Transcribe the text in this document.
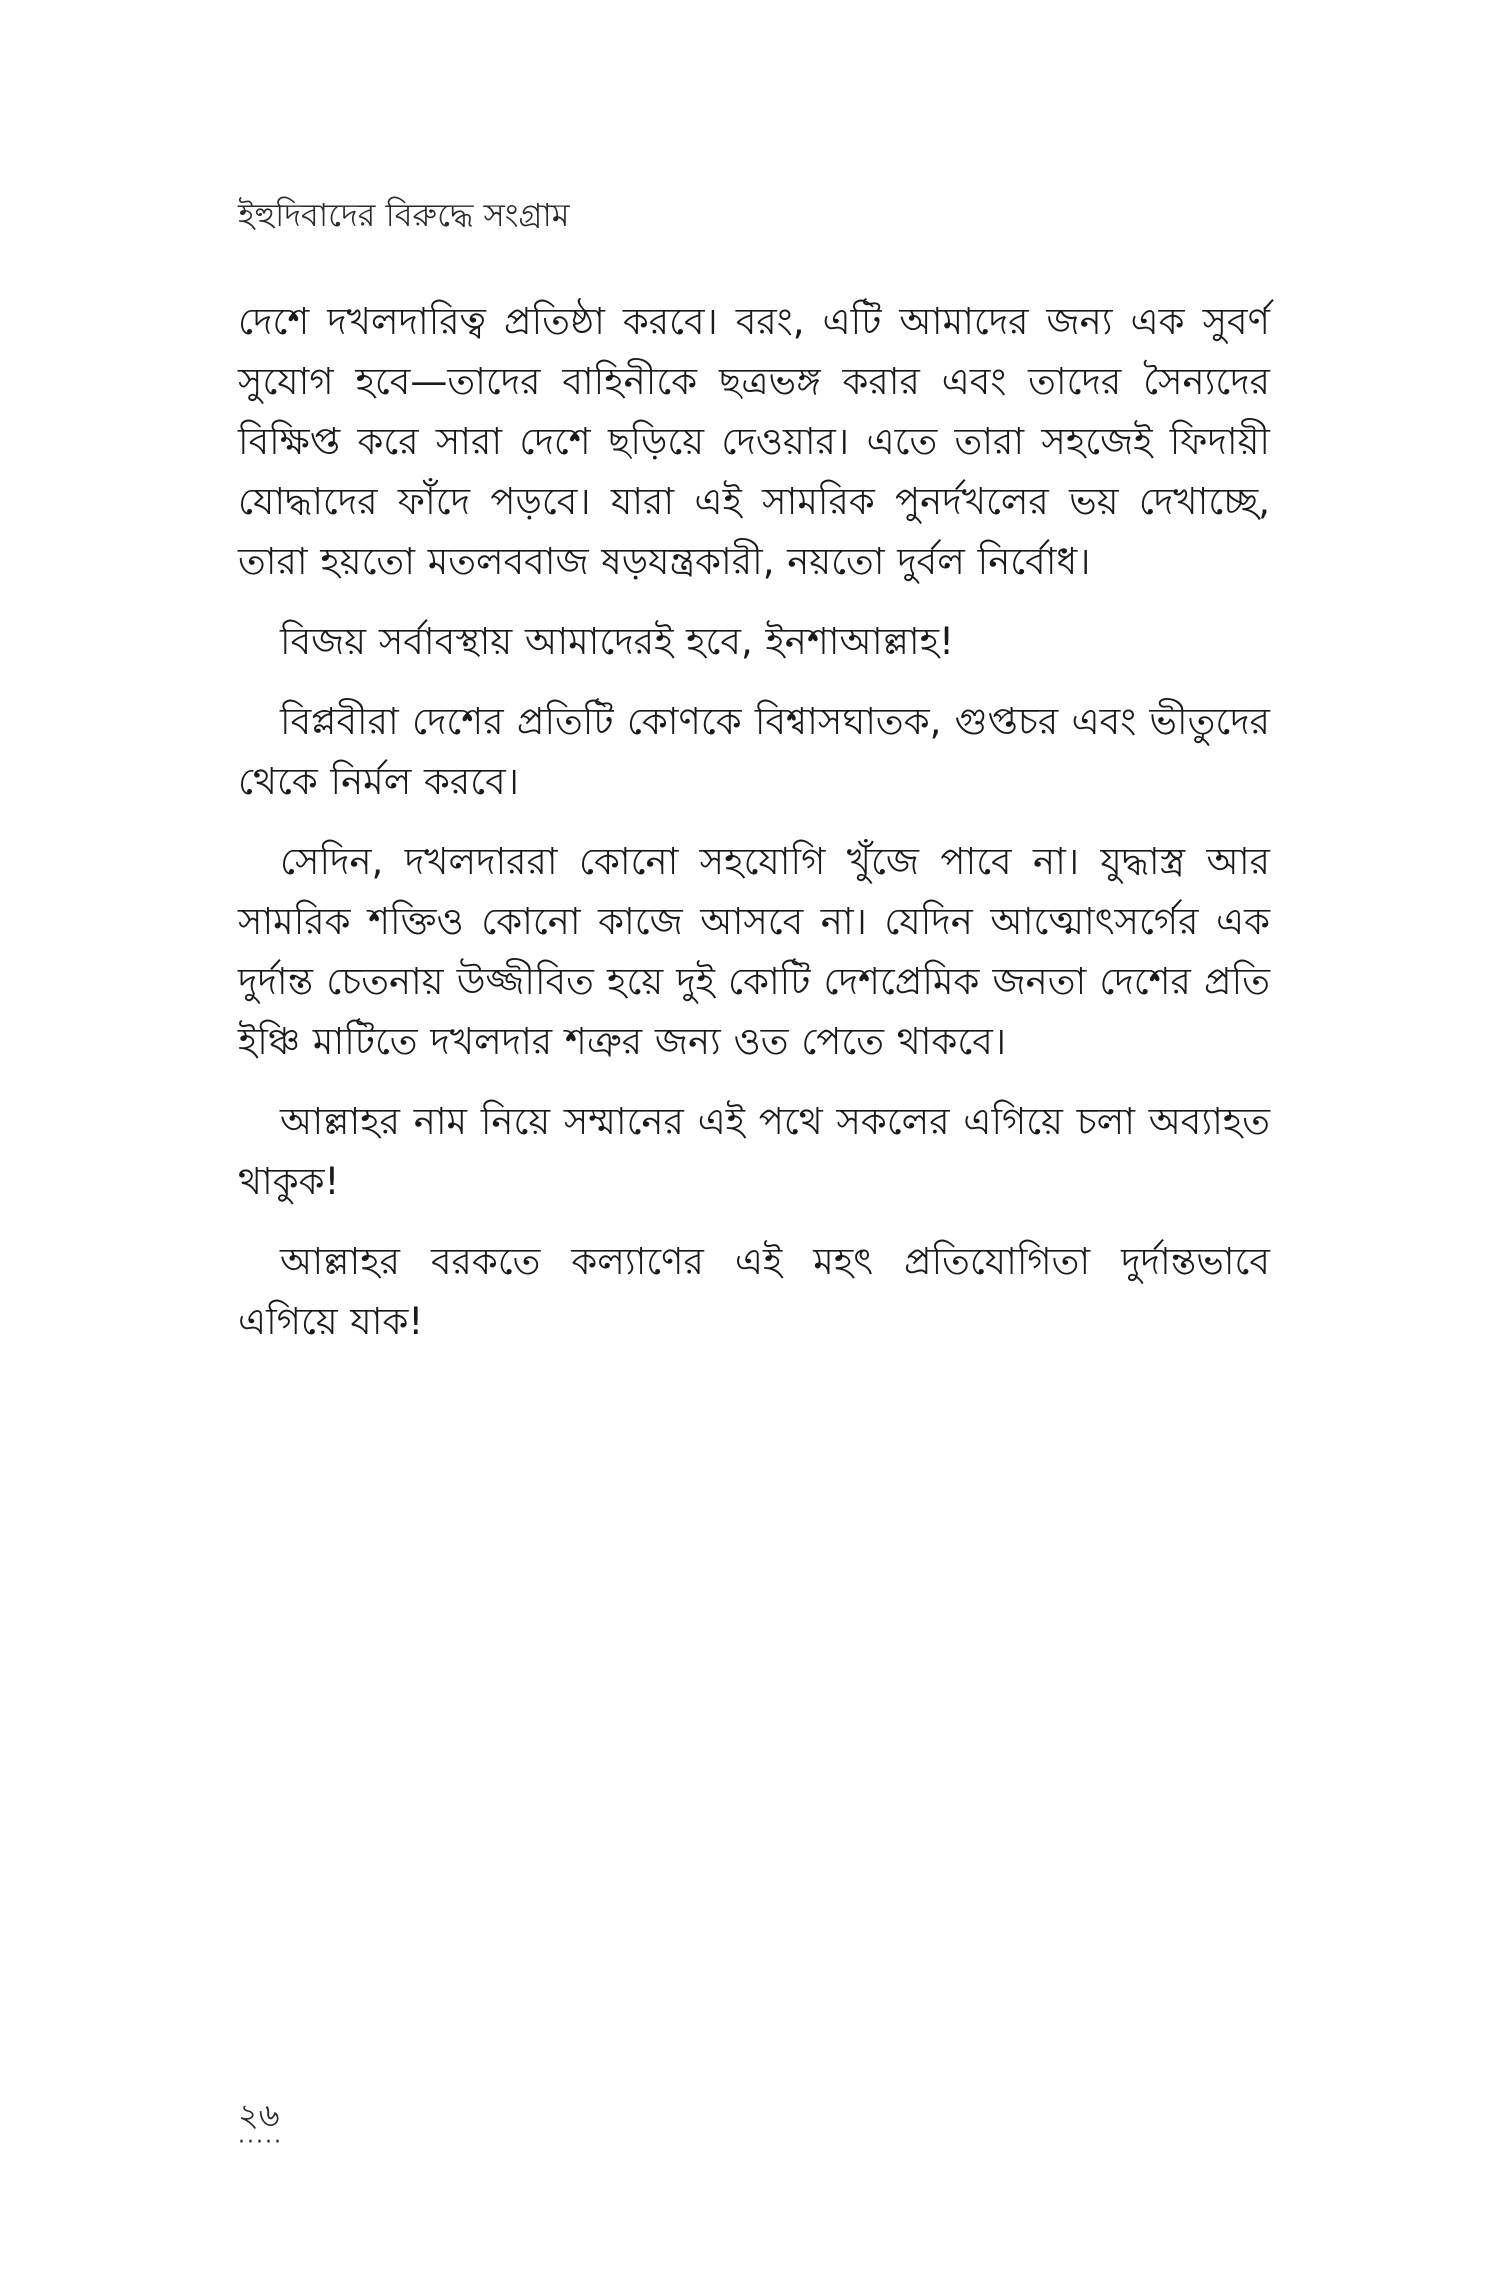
ইহুদিবাদের বিরুদ্ধে সংগ্রাম

দেশে দখলদারিত্ব প্রতিষ্ঠা করবে। বরং, এটি আমাদের জন্য এক সুবর্ণ সুযোগ হবে—তাদের বাহিনীকে ছত্রভঙ্গ করার এবং তাদের সৈন্যদের বিক্ষিপ্ত করে সারা দেশে ছড়িয়ে দেওয়ার। এতে তারা সহজেই ফিদায়ী যোদ্ধাদের ফাঁদে পড়বে। যারা এই সামরিক পুনর্দখলের ভয় দেখাচ্ছে, তারা হয়তো মতলববাজ ষড়যন্ত্রকারী, নয়তো দুর্বল নির্বোধ।

বিজয় সর্বাবস্থায় আমাদেরই হবে, ইনশাআল্লাহ!

বিপ্লবীরা দেশের প্রতিটি কোণকে বিশ্বাসঘাতক, গুপ্তচর এবং ভীতুদের থেকে নির্মল করবে।

সেদিন, দখলদাররা কোনো সহযোগি খুঁজে পাবে না। যুদ্ধাস্ত্র আর সামরিক শক্তিও কোনো কাজে আসবে না। যেদিন আত্মোৎসর্গের এক দুর্দান্ত চেতনায় উজ্জীবিত হয়ে দুই কোটি দেশপ্রেমিক জনতা দেশের প্রতি ইঞ্চি মাটিতে দখলদার শত্রুর জন্য ওত পেতে থাকবে।

আল্লাহর নাম নিয়ে সম্মানের এই পথে সকলের এগিয়ে চলা অব্যাহত থাকুক!

আল্লাহর বরকতে কল্যাণের এই মহৎ প্রতিযোগিতা দুর্দান্তভাবে এগিয়ে যাক!

২৬
·····
